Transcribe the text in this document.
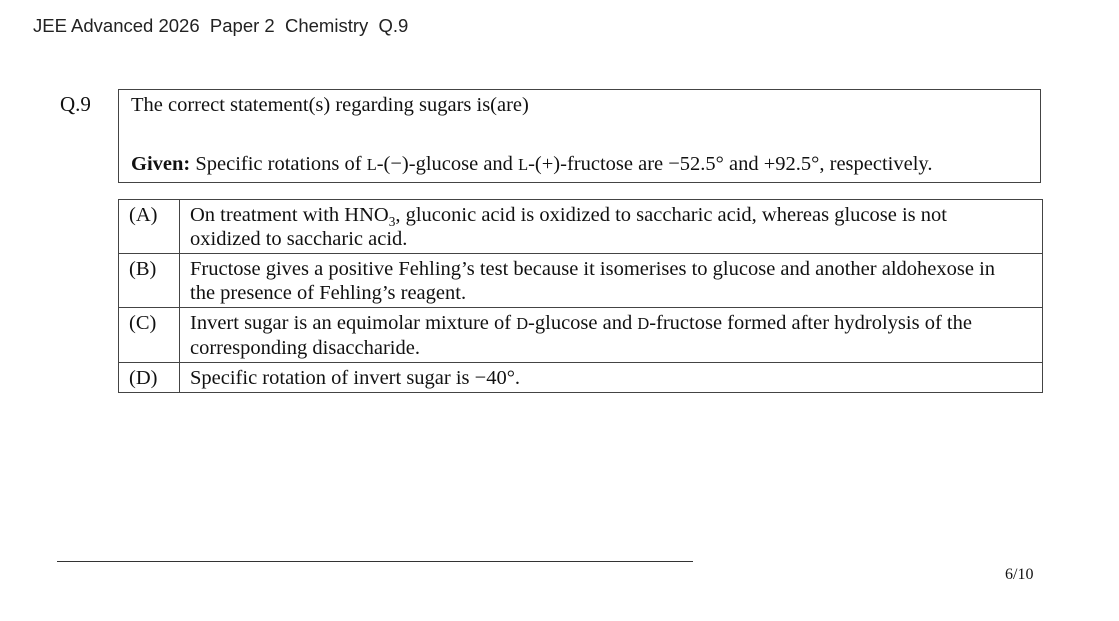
JEE Advanced 2026  Paper 2  Chemistry  Q.9
Q.9 The correct statement(s) regarding sugars is(are)
Given: Specific rotations of L-(−)-glucose and L-(+)-fructose are −52.5° and +92.5°, respectively.
(A)	On treatment with $HNO_3$, gluconic acid is oxidized to saccharic acid, whereas glucose is not oxidized to saccharic acid.
(B)	Fructose gives a positive Fehling’s test because it isomerises to glucose and another aldohexose in the presence of Fehling’s reagent.
(C)	Invert sugar is an equimolar mixture of D-glucose and D-fructose formed after hydrolysis of the corresponding disaccharide.
(D)	Specific rotation of invert sugar is −40°.
6/10
